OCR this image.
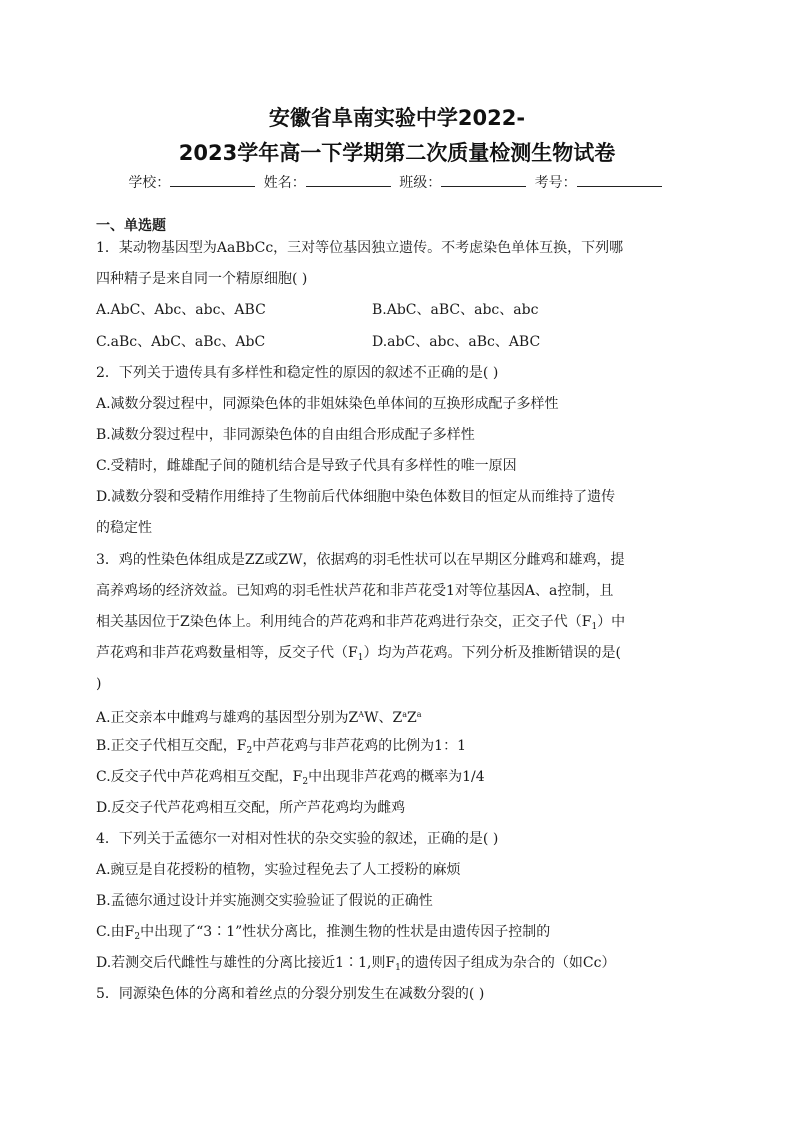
安徽省阜南实验中学2022-
2023学年高一下学期第二次质量检测生物试卷
学校：	姓名：	班级：	考号：
一、单选题
1．某动物基因型为AaBbCc，三对等位基因独立遗传。不考虑染色单体互换，下列哪
四种精子是来自同一个精原细胞( )
A.AbC、Abc、abc、ABC	B.AbC、aBC、abc、abc
C.aBc、AbC、aBc、AbC	D.abC、abc、aBc、ABC
2．下列关于遗传具有多样性和稳定性的原因的叙述不正确的是( )
A.减数分裂过程中，同源染色体的非姐妹染色单体间的互换形成配子多样性
B.减数分裂过程中，非同源染色体的自由组合形成配子多样性
C.受精时，雌雄配子间的随机结合是导致子代具有多样性的唯一原因
D.减数分裂和受精作用维持了生物前后代体细胞中染色体数目的恒定从而维持了遗传
的稳定性
3．鸡的性染色体组成是ZZ或ZW，依据鸡的羽毛性状可以在早期区分雌鸡和雄鸡，提
高养鸡场的经济效益。已知鸡的羽毛性状芦花和非芦花受1对等位基因A、a控制，且
相关基因位于Z染色体上。利用纯合的芦花鸡和非芦花鸡进行杂交，正交子代$(F_1)$中
芦花鸡和非芦花鸡数量相等，反交子代$(F_1)$均为芦花鸡。下列分析及推断错误的是(
)
A.正交亲本中雌鸡与雄鸡的基因型分别为$Z^AW$、$Z^aZ^a$
B.正交子代相互交配，$F_2$中芦花鸡与非芦花鸡的比例为1：1
C.反交子代中芦花鸡相互交配，$F_2$中出现非芦花鸡的概率为1/4
D.反交子代芦花鸡相互交配，所产芦花鸡均为雌鸡
4．下列关于孟德尔一对相对性状的杂交实验的叙述，正确的是( )
A.豌豆是自花授粉的植物，实验过程免去了人工授粉的麻烦
B.孟德尔通过设计并实施测交实验验证了假说的正确性
C.由$F_2$中出现了“3∶1”性状分离比，推测生物的性状是由遗传因子控制的
D.若测交后代雌性与雄性的分离比接近1∶1,则$F_1$的遗传因子组成为杂合的（如Cc）
5．同源染色体的分离和着丝点的分裂分别发生在减数分裂的( )
